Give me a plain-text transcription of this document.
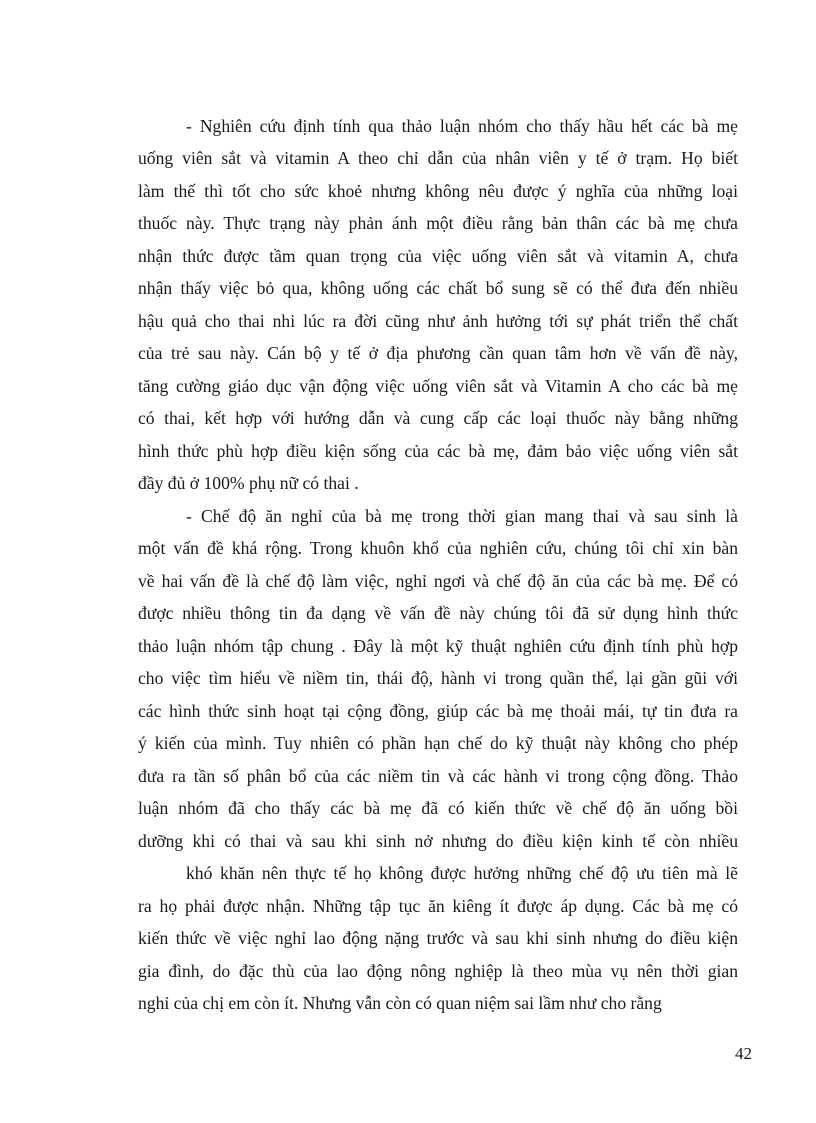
- Nghiên cứu định tính qua thảo luận nhóm cho thấy hầu hết các bà mẹ

uống viên sắt và vitamin A theo chỉ dẫn của nhân viên y tế ở trạm. Họ biết

làm thế thì tốt cho sức khoẻ nhưng không nêu được ý nghĩa của những loại

thuốc này. Thực trạng này phản ánh một điều rằng bản thân các bà mẹ chưa

nhận thức được tầm quan trọng của việc uống viên sắt và vitamin A, chưa

nhận thấy việc bỏ qua, không uống các chất bổ sung sẽ có thể đưa đến nhiều

hậu quả cho thai nhi lúc ra đời cũng như ảnh hưởng tới sự phát triển thể chất

của trẻ sau này. Cán bộ y tế ở địa phương cần quan tâm hơn về vấn đề này,

tăng cường giáo dục vận động việc uống viên sắt và Vitamin A cho các bà mẹ

có thai, kết hợp với hướng dẫn và cung cấp các loại thuốc này bằng những

hình thức phù hợp điều kiện sống của các bà mẹ, đảm bảo việc uống viên sắt

đầy đủ ở 100% phụ nữ có thai .

- Chế độ ăn nghỉ của bà mẹ trong thời gian mang thai và sau sinh là

một vấn đề khá rộng. Trong khuôn khổ của nghiên cứu, chúng tôi chỉ xin bàn

về hai vấn đề là chế độ làm việc, nghỉ ngơi và chế độ ăn của các bà mẹ. Để có

được nhiều thông tin đa dạng về vấn đề này chúng tôi đã sử dụng hình thức

thảo luận nhóm tập chung . Đây là một kỹ thuật nghiên cứu định tính phù hợp

cho việc tìm hiểu về niềm tin, thái độ, hành vi trong quần thể, lại gần gũi với

các hình thức sinh hoạt tại cộng đồng, giúp các bà mẹ thoải mái, tự tin đưa ra

ý kiến của mình. Tuy nhiên có phần hạn chế do kỹ thuật này không cho phép

đưa ra tần số phân bổ của các niềm tin và các hành vi trong cộng đồng. Thảo

luận nhóm đã cho thấy các bà mẹ đã có kiến thức về chế độ ăn uống bồi

dưỡng khi có thai và sau khi sinh nở nhưng do điều kiện kinh tế còn nhiều

khó khăn nên thực tế họ không được hưởng những chế độ ưu tiên mà lẽ

ra họ phải được nhận. Những tập tục ăn kiêng ít được áp dụng. Các bà mẹ có

kiến thức về việc nghỉ lao động nặng trước và sau khi sinh nhưng do điều kiện

gia đình, do đặc thù của lao động nông nghiệp là theo mùa vụ nên thời gian

nghỉ của chị em còn ít. Nhưng vẫn còn có quan niệm sai lầm như cho rằng

42
